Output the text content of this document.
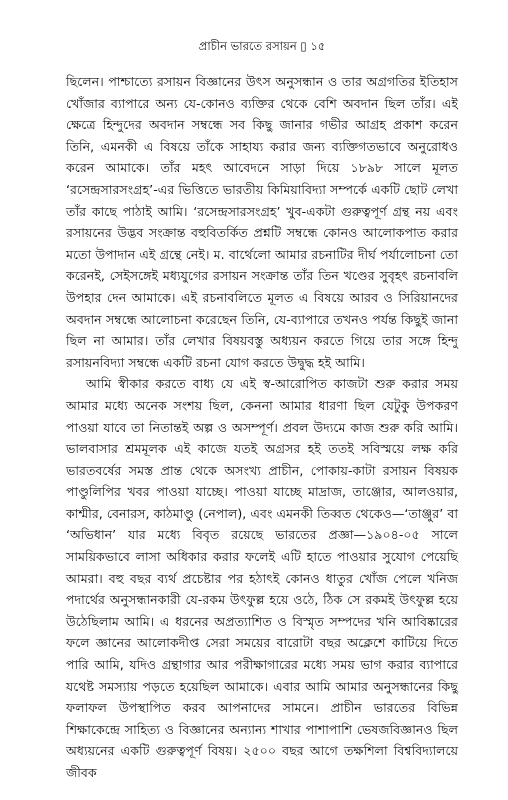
প্রাচীন ভারতে রসায়ন ▯ ১৫

ছিলেন। পাশ্চাত্যে রসায়ন বিজ্ঞানের উৎস অনুসন্ধান ও তার অগ্রগতির ইতিহাস খোঁজার ব্যাপারে অন্য যে-কোনও ব্যক্তির থেকে বেশি অবদান ছিল তাঁর। এই ক্ষেত্রে হিন্দুদের অবদান সম্বন্ধে সব কিছু জানার গভীর আগ্রহ প্রকাশ করেন তিনি, এমনকী এ বিষয়ে তাঁকে সাহায্য করার জন্য ব্যক্তিগতভাবে অনুরোধও করেন আমাকে। তাঁর মহৎ আবেদনে সাড়া দিয়ে ১৮৯৮ সালে মূলত ‘রসেন্দ্রসারসংগ্রহ’-এর ভিত্তিতে ভারতীয় কিমিয়াবিদ্যা সম্পর্কে একটি ছোট লেখা তাঁর কাছে পাঠাই আমি। ‘রসেন্দ্রসারসংগ্রহ’ খুব-একটা গুরুত্বপূর্ণ গ্রন্থ নয় এবং রসায়নের উদ্ভব সংক্রান্ত বহুবিতর্কিত প্রশ্নটি সম্বন্ধে কোনও আলোকপাত করার মতো উপাদান এই গ্রন্থে নেই। ম. বার্থেলো আমার রচনাটির দীর্ঘ পর্যালোচনা তো করেনই, সেইসঙ্গেই মধ্যযুগের রসায়ন সংক্রান্ত তাঁর তিন খণ্ডের সুবৃহৎ রচনাবলি উপহার দেন আমাকে। এই রচনাবলিতে মূলত এ বিষয়ে আরব ও সিরিয়ানদের অবদান সম্বন্ধে আলোচনা করেছেন তিনি, যে-ব্যাপারে তখনও পর্যন্ত কিছুই জানা ছিল না আমার। তাঁর লেখার বিষয়বস্তু অধ্যয়ন করতে গিয়ে তার সঙ্গে হিন্দু রসায়নবিদ্যা সম্বন্ধে একটি রচনা যোগ করতে উদ্বুদ্ধ হই আমি।

আমি স্বীকার করতে বাধ্য যে এই স্ব-আরোপিত কাজটা শুরু করার সময় আমার মধ্যে অনেক সংশয় ছিল, কেননা আমার ধারণা ছিল যেটুকু উপকরণ পাওয়া যাবে তা নিতান্তই অল্প ও অসম্পূর্ণ। প্রবল উদ্যমে কাজ শুরু করি আমি। ভালবাসার শ্রমমূলক এই কাজে যতই অগ্রসর হই ততই সবিস্ময়ে লক্ষ করি ভারতবর্ষের সমস্ত প্রান্ত থেকে অসংখ্য প্রাচীন, পোকায়-কাটা রসায়ন বিষয়ক পাণ্ডুলিপির খবর পাওয়া যাচ্ছে। পাওয়া যাচ্ছে মাদ্রাজ, তাঞ্জোর, আলওয়ার, কাশ্মীর, বেনারস, কাঠমাণ্ডু (নেপাল), এবং এমনকী তিব্বত থেকেও—‘তাঞ্জুর’ বা ‘অভিধান’ যার মধ্যে বিবৃত রয়েছে ভারতের প্রজ্ঞা—১৯০৪-০৫ সালে সাময়িকভাবে লাসা অধিকার করার ফলেই এটি হাতে পাওয়ার সুযোগ পেয়েছি আমরা। বহু বছর ব্যর্থ প্রচেষ্টার পর হঠাৎই কোনও ধাতুর খোঁজ পেলে খনিজ পদার্থের অনুসন্ধানকারী যে-রকম উৎফুল্ল হয়ে ওঠে, ঠিক সে রকমই উৎফুল্ল হয়ে উঠেছিলাম আমি। এ ধরনের অপ্রত্যাশিত ও বিস্মৃত সম্পদের খনি আবিষ্কারের ফলে জ্ঞানের আলোকদীপ্ত সেরা সময়ের বারোটা বছর অক্লেশে কাটিয়ে দিতে পারি আমি, যদিও গ্রন্থাগার আর পরীক্ষাগারের মধ্যে সময় ভাগ করার ব্যাপারে যথেষ্ট সমস্যায় পড়তে হয়েছিল আমাকে। এবার আমি আমার অনুসন্ধানের কিছু ফলাফল উপস্থাপিত করব আপনাদের সামনে। প্রাচীন ভারতের বিভিন্ন শিক্ষাকেন্দ্রে সাহিত্য ও বিজ্ঞানের অন্যান্য শাখার পাশাপাশি ভেষজবিজ্ঞানও ছিল অধ্যয়নের একটি গুরুত্বপূর্ণ বিষয়। ২৫০০ বছর আগে তক্ষশিলা বিশ্ববিদ্যালয়ে জীবক
